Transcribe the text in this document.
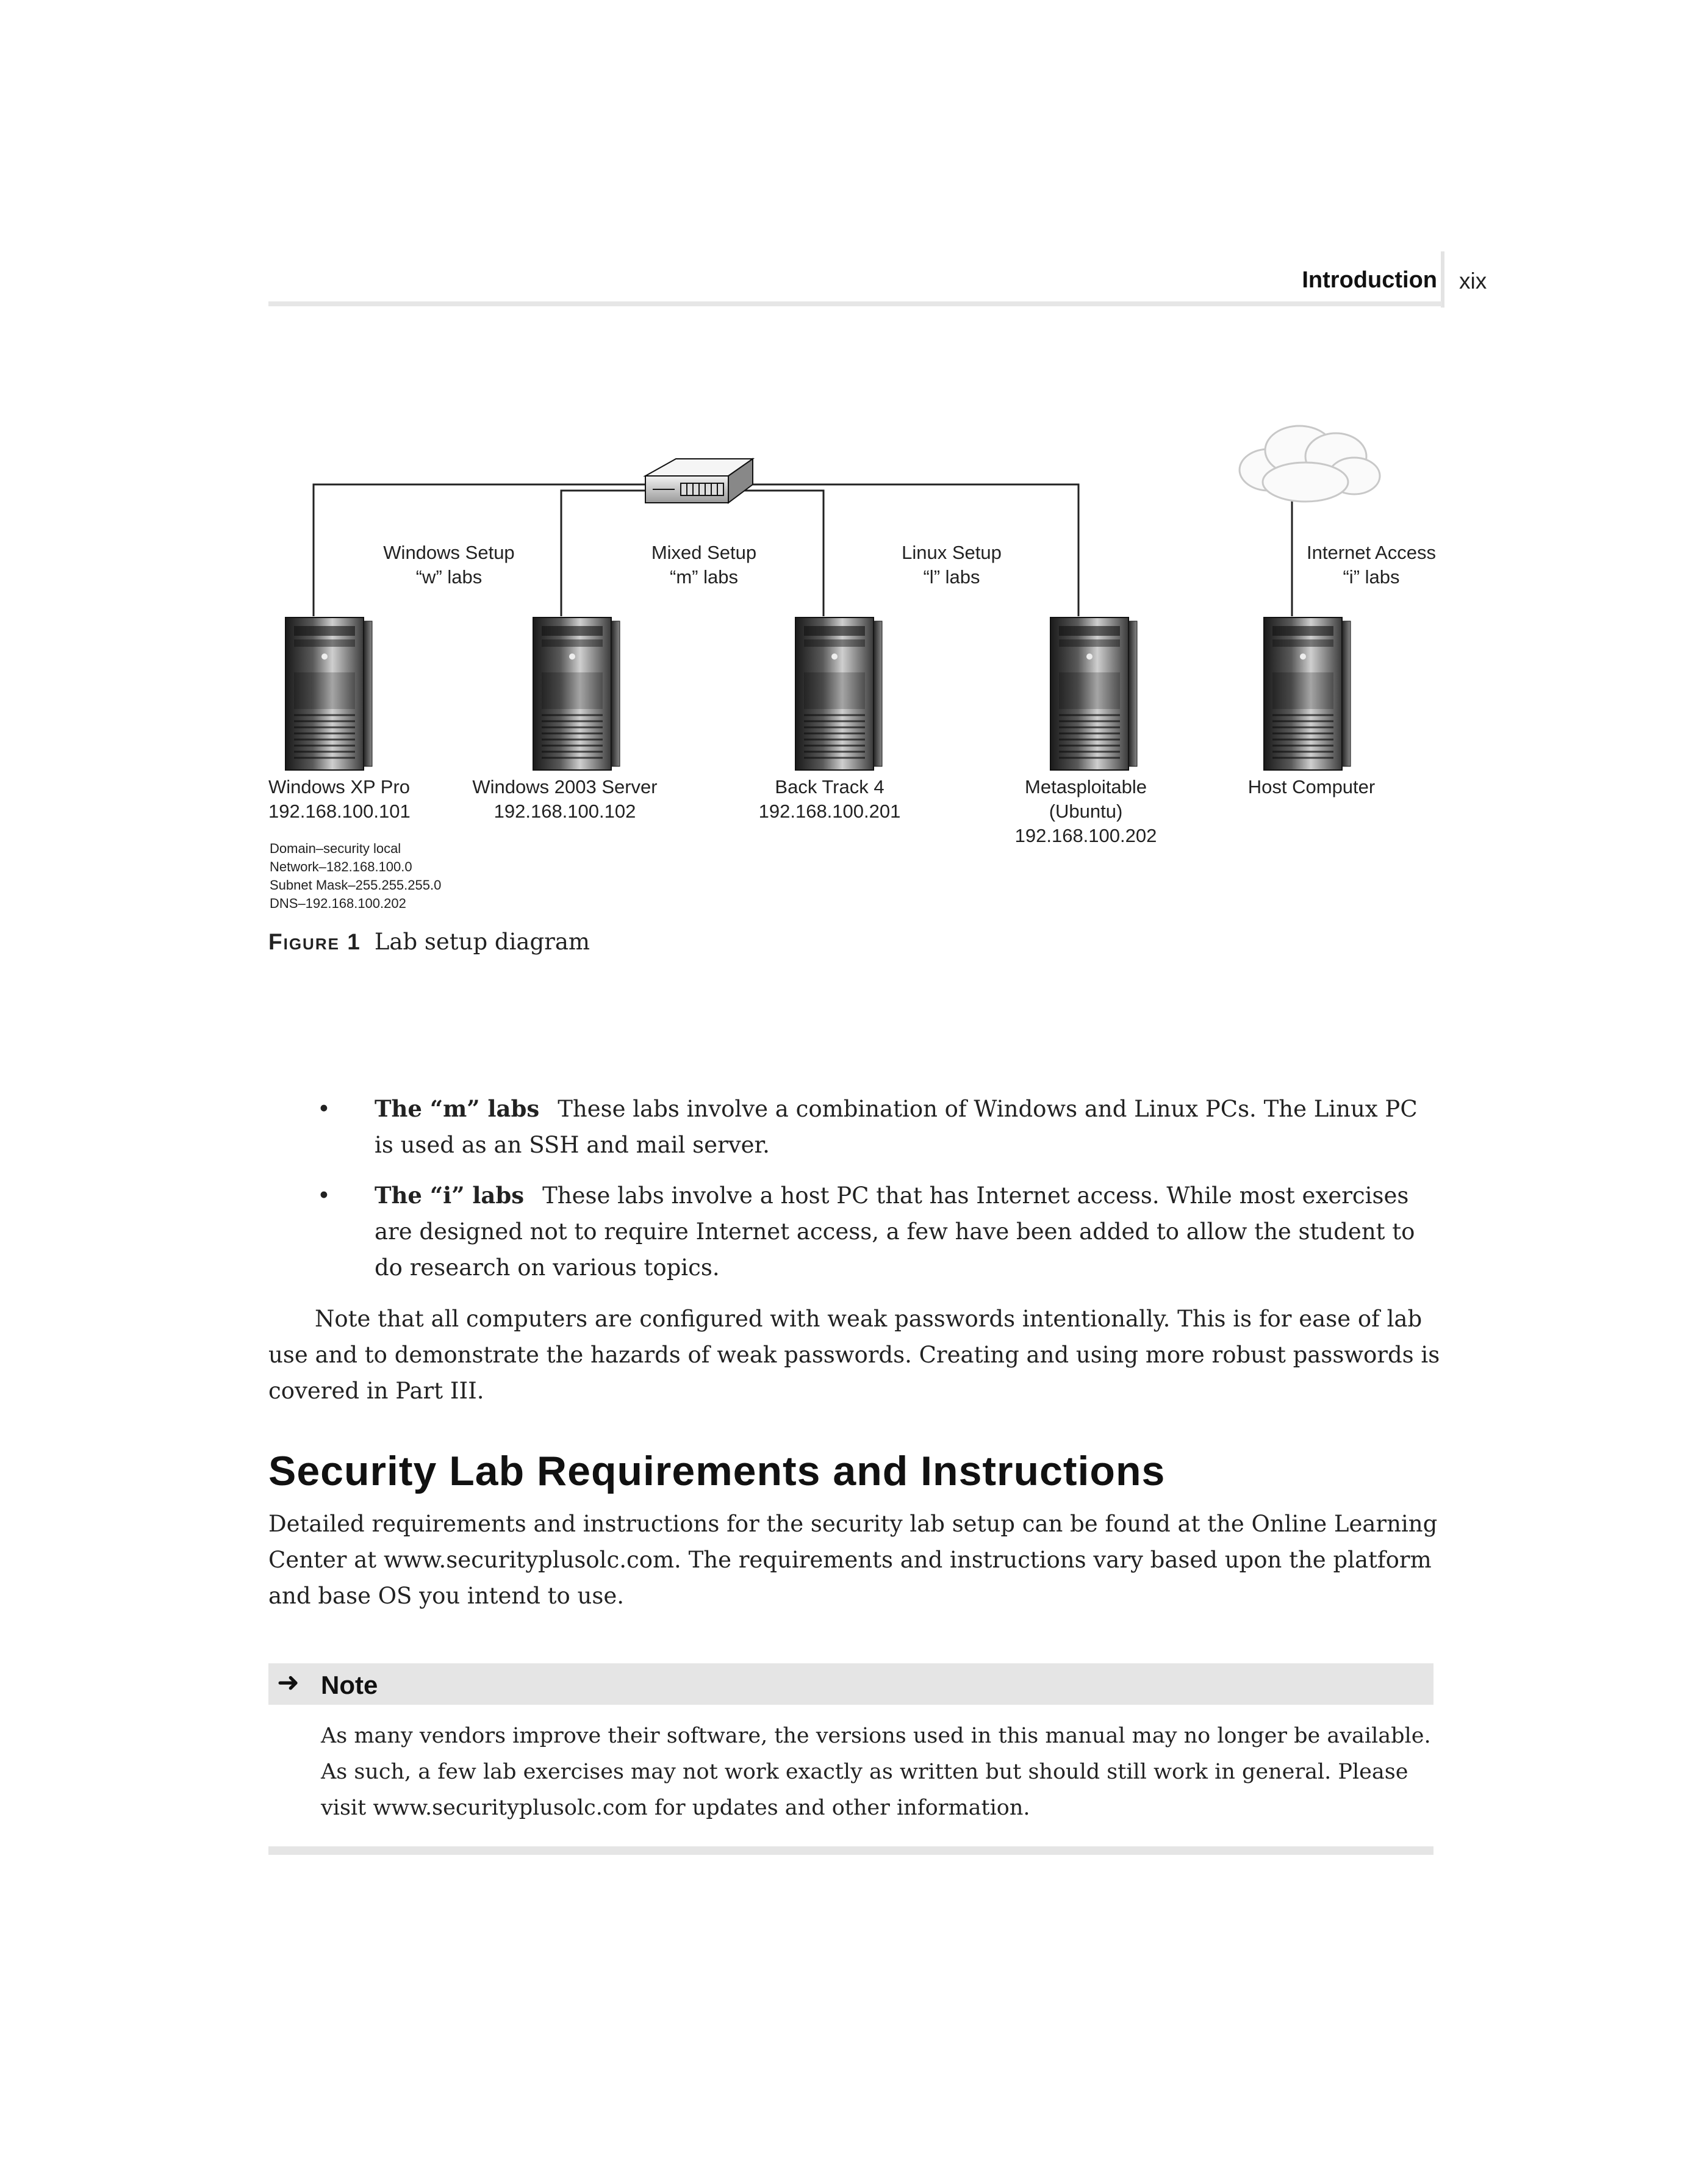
Introduction xix
Windows Setup
“w” labs
Mixed Setup
“m” labs
Linux Setup
“l” labs
Internet Access
“i” labs
Windows XP Pro
192.168.100.101
Windows 2003 Server
192.168.100.102
Back Track 4
192.168.100.201
Metasploitable
(Ubuntu)
192.168.100.202
Host Computer
Domain–security local
Network–182.168.100.0
Subnet Mask–255.255.255.0
DNS–192.168.100.202
Figure 1 Lab setup diagram
• The “m” labs These labs involve a combination of Windows and Linux PCs. The Linux PC is used as an SSH and mail server.
• The “i” labs These labs involve a host PC that has Internet access. While most exercises are designed not to require Internet access, a few have been added to allow the student to do research on various topics.
Note that all computers are configured with weak passwords intentionally. This is for ease of lab use and to demonstrate the hazards of weak passwords. Creating and using more robust passwords is covered in Part III.
Security Lab Requirements and Instructions
Detailed requirements and instructions for the security lab setup can be found at the Online Learning Center at www.securityplusolc.com. The requirements and instructions vary based upon the platform and base OS you intend to use.
➜ Note
As many vendors improve their software, the versions used in this manual may no longer be available. As such, a few lab exercises may not work exactly as written but should still work in general. Please visit www.securityplusolc.com for updates and other information.
